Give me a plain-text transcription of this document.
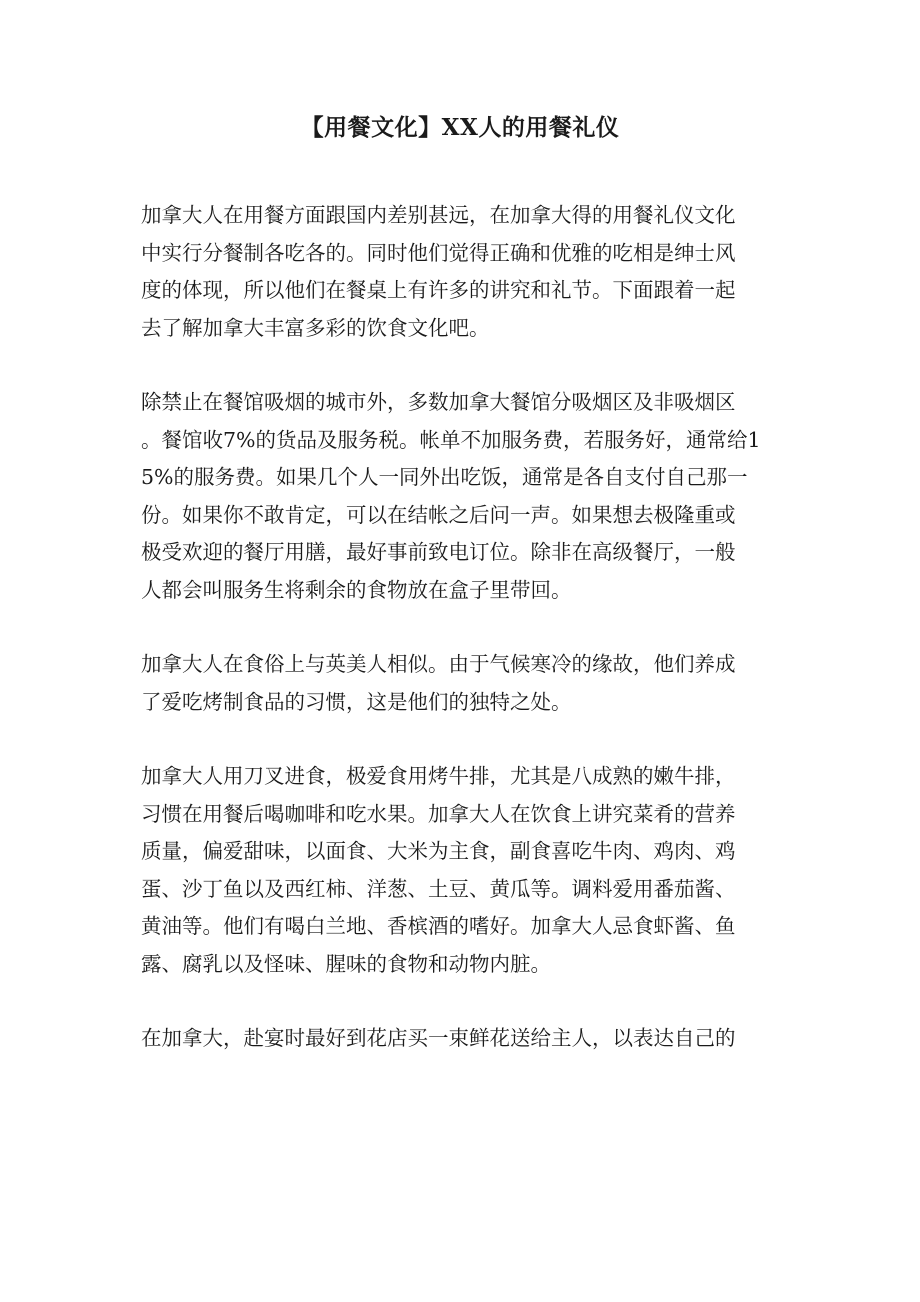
【用餐文化】XX人的用餐礼仪

加拿大人在用餐方面跟国内差别甚远，在加拿大得的用餐礼仪文化
中实行分餐制各吃各的。同时他们觉得正确和优雅的吃相是绅士风
度的体现，所以他们在餐桌上有许多的讲究和礼节。下面跟着一起
去了解加拿大丰富多彩的饮食文化吧。

除禁止在餐馆吸烟的城市外，多数加拿大餐馆分吸烟区及非吸烟区
。餐馆收7%的货品及服务税。帐单不加服务费，若服务好，通常给1
5%的服务费。如果几个人一同外出吃饭，通常是各自支付自己那一
份。如果你不敢肯定，可以在结帐之后问一声。如果想去极隆重或
极受欢迎的餐厅用膳，最好事前致电订位。除非在高级餐厅，一般
人都会叫服务生将剩余的食物放在盒子里带回。

加拿大人在食俗上与英美人相似。由于气候寒冷的缘故，他们养成
了爱吃烤制食品的习惯，这是他们的独特之处。

加拿大人用刀叉进食，极爱食用烤牛排，尤其是八成熟的嫩牛排，
习惯在用餐后喝咖啡和吃水果。加拿大人在饮食上讲究菜肴的营养
质量，偏爱甜味，以面食、大米为主食，副食喜吃牛肉、鸡肉、鸡
蛋、沙丁鱼以及西红柿、洋葱、土豆、黄瓜等。调料爱用番茄酱、
黄油等。他们有喝白兰地、香槟酒的嗜好。加拿大人忌食虾酱、鱼
露、腐乳以及怪味、腥味的食物和动物内脏。

在加拿大，赴宴时最好到花店买一束鲜花送给主人，以表达自己的
